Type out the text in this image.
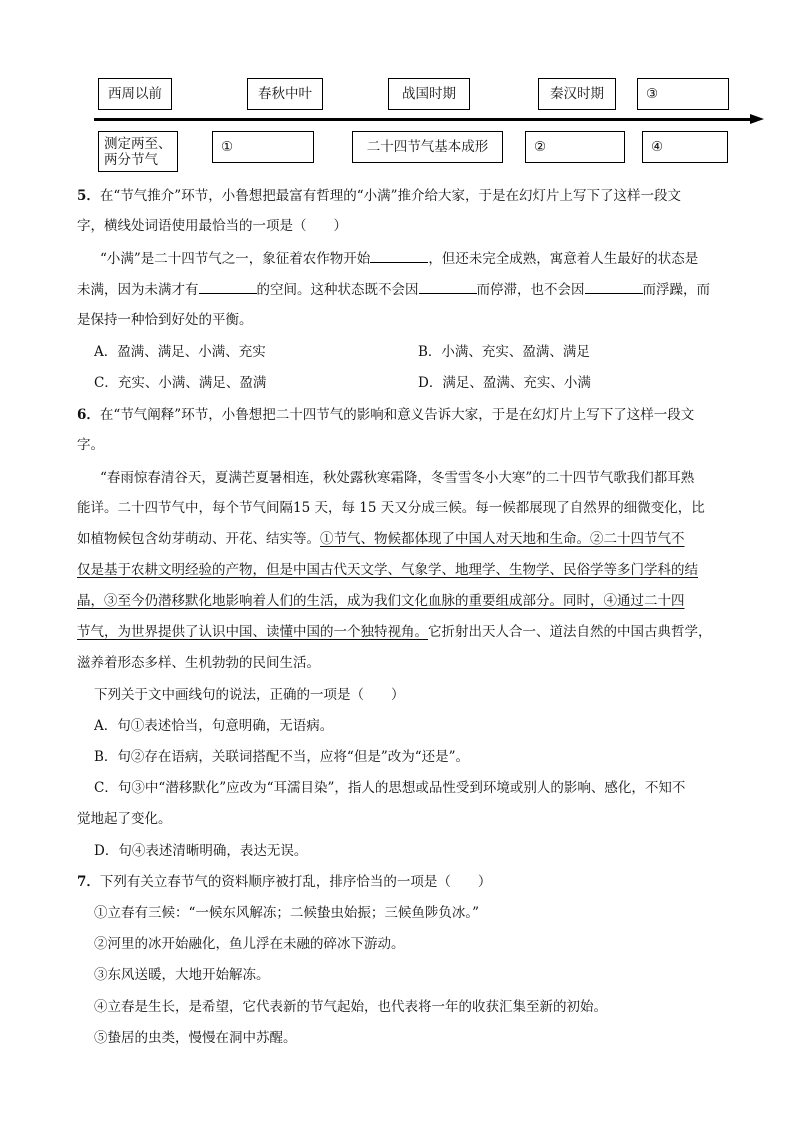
西周以前	春秋中叶	战国时期	秦汉时期	③
测定两至、
两分节气
①	二十四节气基本成形	②	④
5．在“节气推介”环节，小鲁想把最富有哲理的“小满”推介给大家，于是在幻灯片上写下了这样一段文
字，横线处词语使用最恰当的一项是（　　）
“小满”是二十四节气之一，象征着农作物开始	，但还未完全成熟，寓意着人生最好的状态是
未满，因为未满才有	的空间。这种状态既不会因	而停滞，也不会因	而浮躁，而
是保持一种恰到好处的平衡。
A．盈满、满足、小满、充实	B．小满、充实、盈满、满足
C．充实、小满、满足、盈满	D．满足、盈满、充实、小满
6．在“节气阐释”环节，小鲁想把二十四节气的影响和意义告诉大家，于是在幻灯片上写下了这样一段文
字。
“春雨惊春清谷天，夏满芒夏暑相连，秋处露秋寒霜降，冬雪雪冬小大寒”的二十四节气歌我们都耳熟
能详。二十四节气中，每个节气间隔15 天，每 15 天又分成三候。每一候都展现了自然界的细微变化，比
如植物候包含幼芽萌动、开花、结实等。①节气、物候都体现了中国人对天地和生命。②二十四节气不
仅是基于农耕文明经验的产物，但是中国古代天文学、气象学、地理学、生物学、民俗学等多门学科的结
晶，③至今仍潜移默化地影响着人们的生活，成为我们文化血脉的重要组成部分。同时，④通过二十四
节气，为世界提供了认识中国、读懂中国的一个独特视角。它折射出天人合一、道法自然的中国古典哲学，
滋养着形态多样、生机勃勃的民间生活。
下列关于文中画线句的说法，正确的一项是（　　）
A．句①表述恰当，句意明确，无语病。
B．句②存在语病，关联词搭配不当，应将“但是”改为“还是”。
C．句③中“潜移默化”应改为“耳濡目染”，指人的思想或品性受到环境或别人的影响、感化，不知不
觉地起了变化。
D．句④表述清晰明确，表达无误。
7．下列有关立春节气的资料顺序被打乱，排序恰当的一项是（　　）
①立春有三候：“一候东风解冻；二候蛰虫始振；三候鱼陟负冰。”
②河里的冰开始融化，鱼儿浮在未融的碎冰下游动。
③东风送暖，大地开始解冻。
④立春是生长，是希望，它代表新的节气起始，也代表将一年的收获汇集至新的初始。
⑤蛰居的虫类，慢慢在洞中苏醒。
